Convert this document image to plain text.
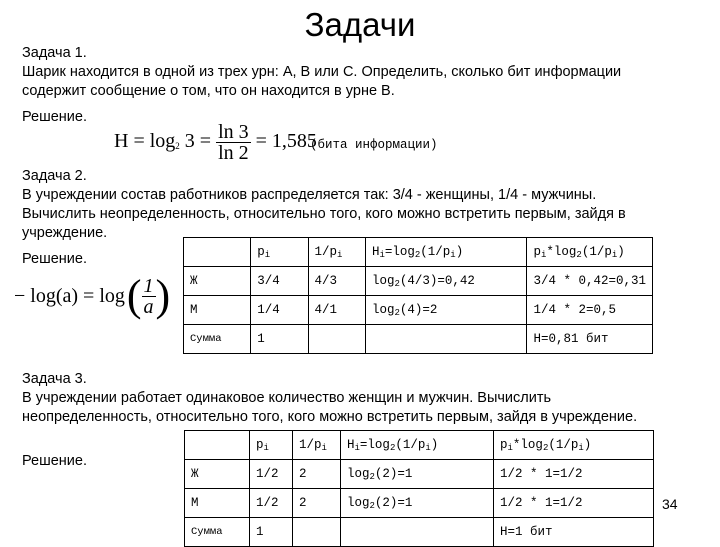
Задачи
Задача 1.
Шарик находится в одной из трех урн: А, В или С. Определить, сколько бит информации
содержит сообщение о том, что он находится в урне В.
Решение.
$H = \log_2 3 = \frac{\ln 3}{\ln 2} = 1,585$
(бита информации)
Задача 2.
В учреждении состав работников распределяется так: 3/4 - женщины, 1/4 - мужчины.
Вычислить неопределенность, относительно того, кого можно встретить первым, зайдя в
учреждение.
Решение.
− log(a) = log ( $\frac{1}{a}$ )
	$p_i$	$1/p_i$	$H_i=\log_2(1/p_i)$	$p_i*\log_2(1/p_i)$
Ж	3/4	4/3	$\log_2(4/3)=0,42$	3/4 * 0,42=0,31
М	1/4	4/1	$\log_2(4)=2$	1/4 * 2=0,5
Сумма	1			H=0,81 бит
Задача 3.
В учреждении работает одинаковое количество женщин и мужчин. Вычислить
неопределенность, относительно того, кого можно встретить первым, зайдя в учреждение.
Решение.
	$p_i$	$1/p_i$	$H_i=\log_2(1/p_i)$	$p_i*\log_2(1/p_i)$
Ж	1/2	2	$\log_2(2)=1$	1/2 * 1=1/2
М	1/2	2	$\log_2(2)=1$	1/2 * 1=1/2
Сумма	1			H=1 бит
34
